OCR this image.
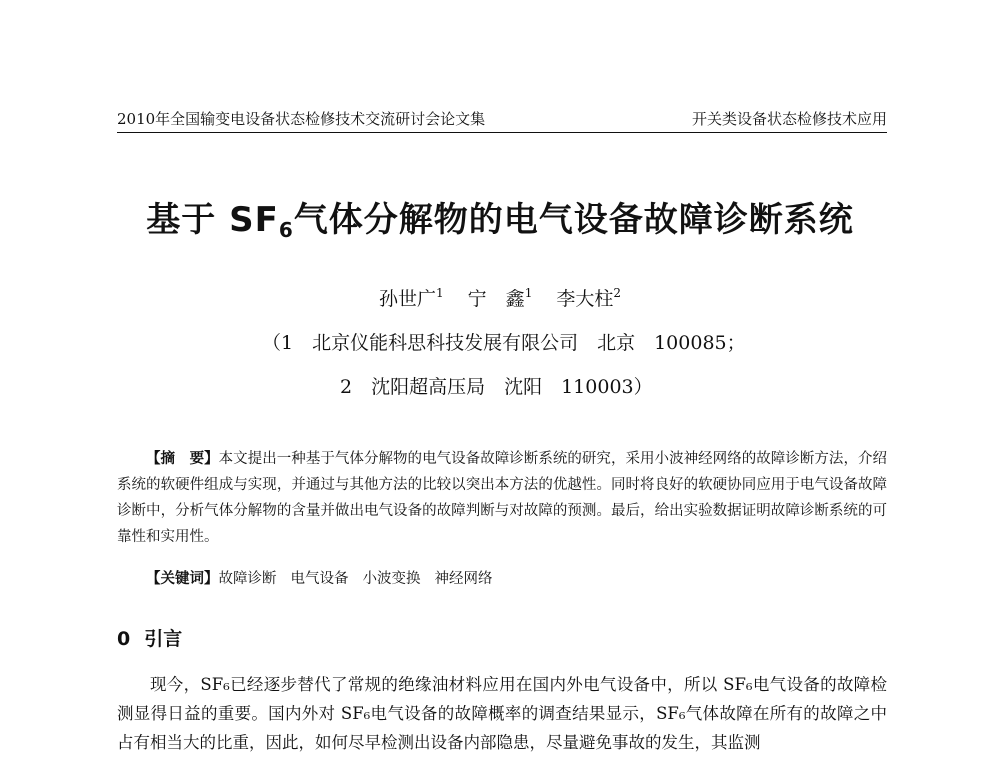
2010年全国输变电设备状态检修技术交流研讨会论文集	开关类设备状态检修技术应用
基于 $SF_6$气体分解物的电气设备故障诊断系统
孙世广$^1$ 宁　鑫$^1$ 李大柱$^2$
（1　北京仪能科思科技发展有限公司　北京　100085；
2　沈阳超高压局　沈阳　110003）
【摘　要】本文提出一种基于气体分解物的电气设备故障诊断系统的研究，采用小波神经网络的故障诊断方法，介绍系统的软硬件组成与实现，并通过与其他方法的比较以突出本方法的优越性。同时将良好的软硬协同应用于电气设备故障诊断中，分析气体分解物的含量并做出电气设备的故障判断与对故障的预测。最后，给出实验数据证明故障诊断系统的可靠性和实用性。
【关键词】故障诊断 电气设备 小波变换 神经网络
0 引言
现今，SF₆已经逐步替代了常规的绝缘油材料应用在国内外电气设备中，所以 SF₆电气设备的故障检测显得日益的重要。国内外对 SF₆电气设备的故障概率的调查结果显示，SF₆气体故障在所有的故障之中占有相当大的比重，因此，如何尽早检测出设备内部隐患，尽量避免事故的发生，其监测
